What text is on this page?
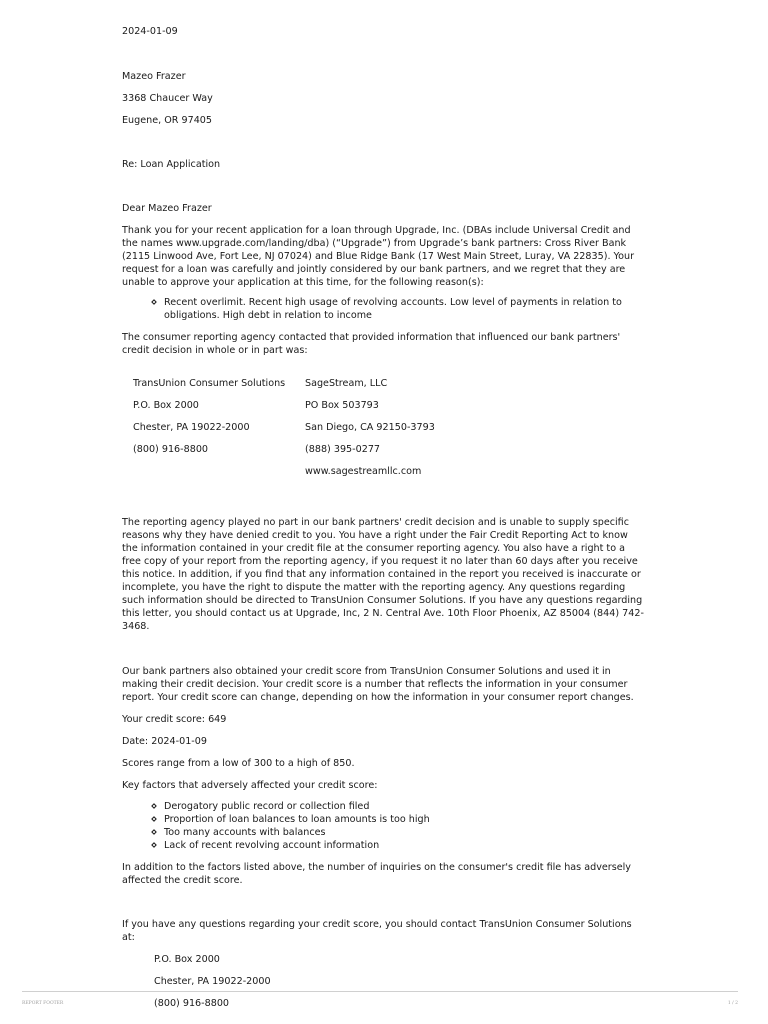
2024-01-09

Mazeo Frazer

3368 Chaucer Way

Eugene, OR 97405

Re: Loan Application

Dear Mazeo Frazer

Thank you for your recent application for a loan through Upgrade, Inc. (DBAs include Universal Credit and the names www.upgrade.com/landing/dba) (“Upgrade”) from Upgrade’s bank partners: Cross River Bank (2115 Linwood Ave, Fort Lee, NJ 07024) and Blue Ridge Bank (17 West Main Street, Luray, VA 22835). Your request for a loan was carefully and jointly considered by our bank partners, and we regret that they are unable to approve your application at this time, for the following reason(s):

Recent overlimit. Recent high usage of revolving accounts. Low level of payments in relation to obligations. High debt in relation to income

The consumer reporting agency contacted that provided information that influenced our bank partners' credit decision in whole or in part was:

TransUnion Consumer Solutions

P.O. Box 2000

Chester, PA 19022-2000

(800) 916-8800

SageStream, LLC

PO Box 503793

San Diego, CA 92150-3793

(888) 395-0277

www.sagestreamllc.com

The reporting agency played no part in our bank partners' credit decision and is unable to supply specific reasons why they have denied credit to you. You have a right under the Fair Credit Reporting Act to know the information contained in your credit file at the consumer reporting agency. You also have a right to a free copy of your report from the reporting agency, if you request it no later than 60 days after you receive this notice. In addition, if you find that any information contained in the report you received is inaccurate or incomplete, you have the right to dispute the matter with the reporting agency. Any questions regarding such information should be directed to TransUnion Consumer Solutions. If you have any questions regarding this letter, you should contact us at Upgrade, Inc, 2 N. Central Ave. 10th Floor Phoenix, AZ 85004 (844) 742-3468.

Our bank partners also obtained your credit score from TransUnion Consumer Solutions and used it in making their credit decision. Your credit score is a number that reflects the information in your consumer report. Your credit score can change, depending on how the information in your consumer report changes.

Your credit score: 649

Date: 2024-01-09

Scores range from a low of 300 to a high of 850.

Key factors that adversely affected your credit score:

Derogatory public record or collection filed
Proportion of loan balances to loan amounts is too high
Too many accounts with balances
Lack of recent revolving account information

In addition to the factors listed above, the number of inquiries on the consumer's credit file has adversely affected the credit score.

If you have any questions regarding your credit score, you should contact TransUnion Consumer Solutions at:

P.O. Box 2000

Chester, PA 19022-2000

(800) 916-8800

REPORT FOOTER	1 / 2
